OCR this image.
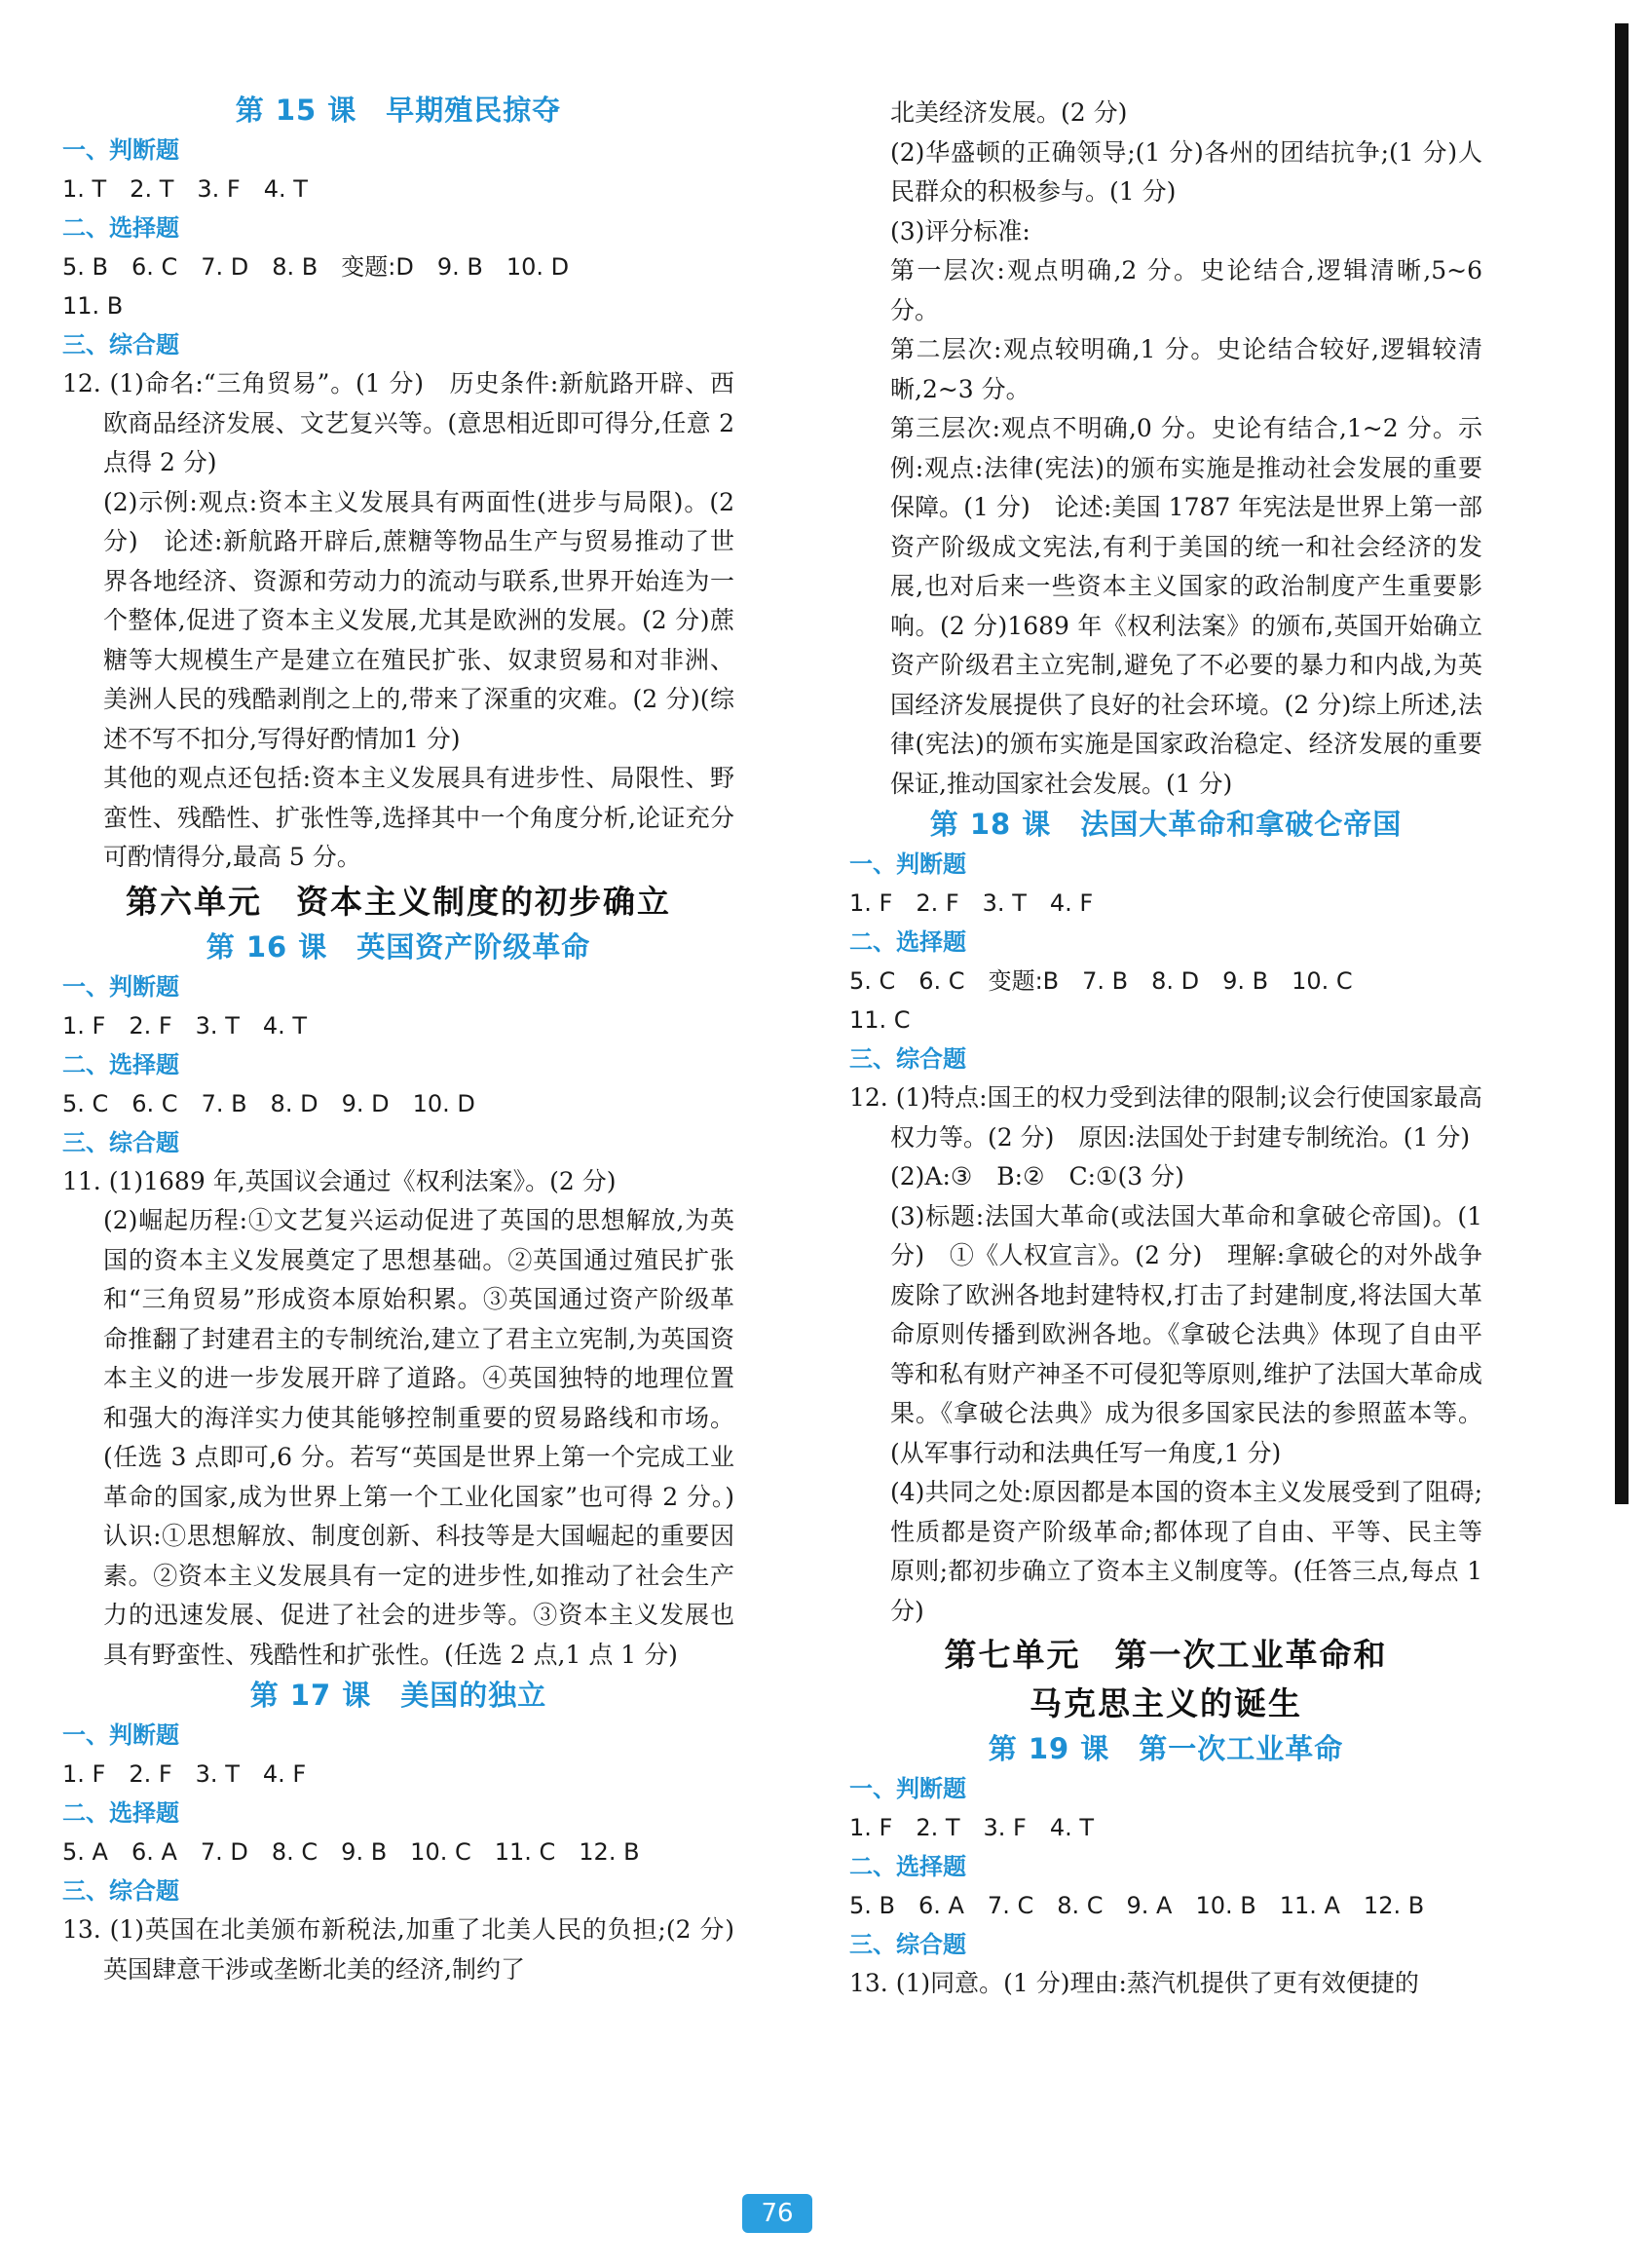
第 15 课　早期殖民掠夺

一、判断题

1. T　2. T　3. F　4. T

二、选择题

5. B　6. C　7. D　8. B　变题:D　9. B　10. D

11. B

三、综合题

12. (1)命名:“三角贸易”。(1 分)　历史条件:新航路开辟、西欧商品经济发展、文艺复兴等。(意思相近即可得分,任意 2 点得 2 分)

(2)示例:观点:资本主义发展具有两面性(进步与局限)。(2 分)　论述:新航路开辟后,蔗糖等物品生产与贸易推动了世界各地经济、资源和劳动力的流动与联系,世界开始连为一个整体,促进了资本主义发展,尤其是欧洲的发展。(2 分)蔗糖等大规模生产是建立在殖民扩张、奴隶贸易和对非洲、美洲人民的残酷剥削之上的,带来了深重的灾难。(2 分)(综述不写不扣分,写得好酌情加1 分)

其他的观点还包括:资本主义发展具有进步性、局限性、野蛮性、残酷性、扩张性等,选择其中一个角度分析,论证充分可酌情得分,最高 5 分。

第六单元　资本主义制度的初步确立

第 16 课　英国资产阶级革命

一、判断题

1. F　2. F　3. T　4. T

二、选择题

5. C　6. C　7. B　8. D　9. D　10. D

三、综合题

11. (1)1689 年,英国议会通过《权利法案》。(2 分)

(2)崛起历程:①文艺复兴运动促进了英国的思想解放,为英国的资本主义发展奠定了思想基础。②英国通过殖民扩张和“三角贸易”形成资本原始积累。③英国通过资产阶级革命推翻了封建君主的专制统治,建立了君主立宪制,为英国资本主义的进一步发展开辟了道路。④英国独特的地理位置和强大的海洋实力使其能够控制重要的贸易路线和市场。(任选 3 点即可,6 分。若写“英国是世界上第一个完成工业革命的国家,成为世界上第一个工业化国家”也可得 2 分。)　认识:①思想解放、制度创新、科技等是大国崛起的重要因素。②资本主义发展具有一定的进步性,如推动了社会生产力的迅速发展、促进了社会的进步等。③资本主义发展也具有野蛮性、残酷性和扩张性。(任选 2 点,1 点 1 分)

第 17 课　美国的独立

一、判断题

1. F　2. F　3. T　4. F

二、选择题

5. A　6. A　7. D　8. C　9. B　10. C　11. C　12. B

三、综合题

13. (1)英国在北美颁布新税法,加重了北美人民的负担;(2 分)英国肆意干涉或垄断北美的经济,制约了

北美经济发展。(2 分)

(2)华盛顿的正确领导;(1 分)各州的团结抗争;(1 分)人民群众的积极参与。(1 分)

(3)评分标准:

第一层次:观点明确,2 分。史论结合,逻辑清晰,5~6 分。

第二层次:观点较明确,1 分。史论结合较好,逻辑较清晰,2~3 分。

第三层次:观点不明确,0 分。史论有结合,1~2 分。示例:观点:法律(宪法)的颁布实施是推动社会发展的重要保障。(1 分)　论述:美国 1787 年宪法是世界上第一部资产阶级成文宪法,有利于美国的统一和社会经济的发展,也对后来一些资本主义国家的政治制度产生重要影响。(2 分)1689 年《权利法案》的颁布,英国开始确立资产阶级君主立宪制,避免了不必要的暴力和内战,为英国经济发展提供了良好的社会环境。(2 分)综上所述,法律(宪法)的颁布实施是国家政治稳定、经济发展的重要保证,推动国家社会发展。(1 分)

第 18 课　法国大革命和拿破仑帝国

一、判断题

1. F　2. F　3. T　4. F

二、选择题

5. C　6. C　变题:B　7. B　8. D　9. B　10. C

11. C

三、综合题

12. (1)特点:国王的权力受到法律的限制;议会行使国家最高权力等。(2 分)　原因:法国处于封建专制统治。(1 分)

(2)A:③　B:②　C:①(3 分)

(3)标题:法国大革命(或法国大革命和拿破仑帝国)。(1 分)　①《人权宣言》。(2 分)　理解:拿破仑的对外战争废除了欧洲各地封建特权,打击了封建制度,将法国大革命原则传播到欧洲各地。《拿破仑法典》体现了自由平等和私有财产神圣不可侵犯等原则,维护了法国大革命成果。《拿破仑法典》成为很多国家民法的参照蓝本等。(从军事行动和法典任写一角度,1 分)

(4)共同之处:原因都是本国的资本主义发展受到了阻碍;性质都是资产阶级革命;都体现了自由、平等、民主等原则;都初步确立了资本主义制度等。(任答三点,每点 1 分)

第七单元　第一次工业革命和

马克思主义的诞生

第 19 课　第一次工业革命

一、判断题

1. F　2. T　3. F　4. T

二、选择题

5. B　6. A　7. C　8. C　9. A　10. B　11. A　12. B

三、综合题

13. (1)同意。(1 分)理由:蒸汽机提供了更有效便捷的

76
